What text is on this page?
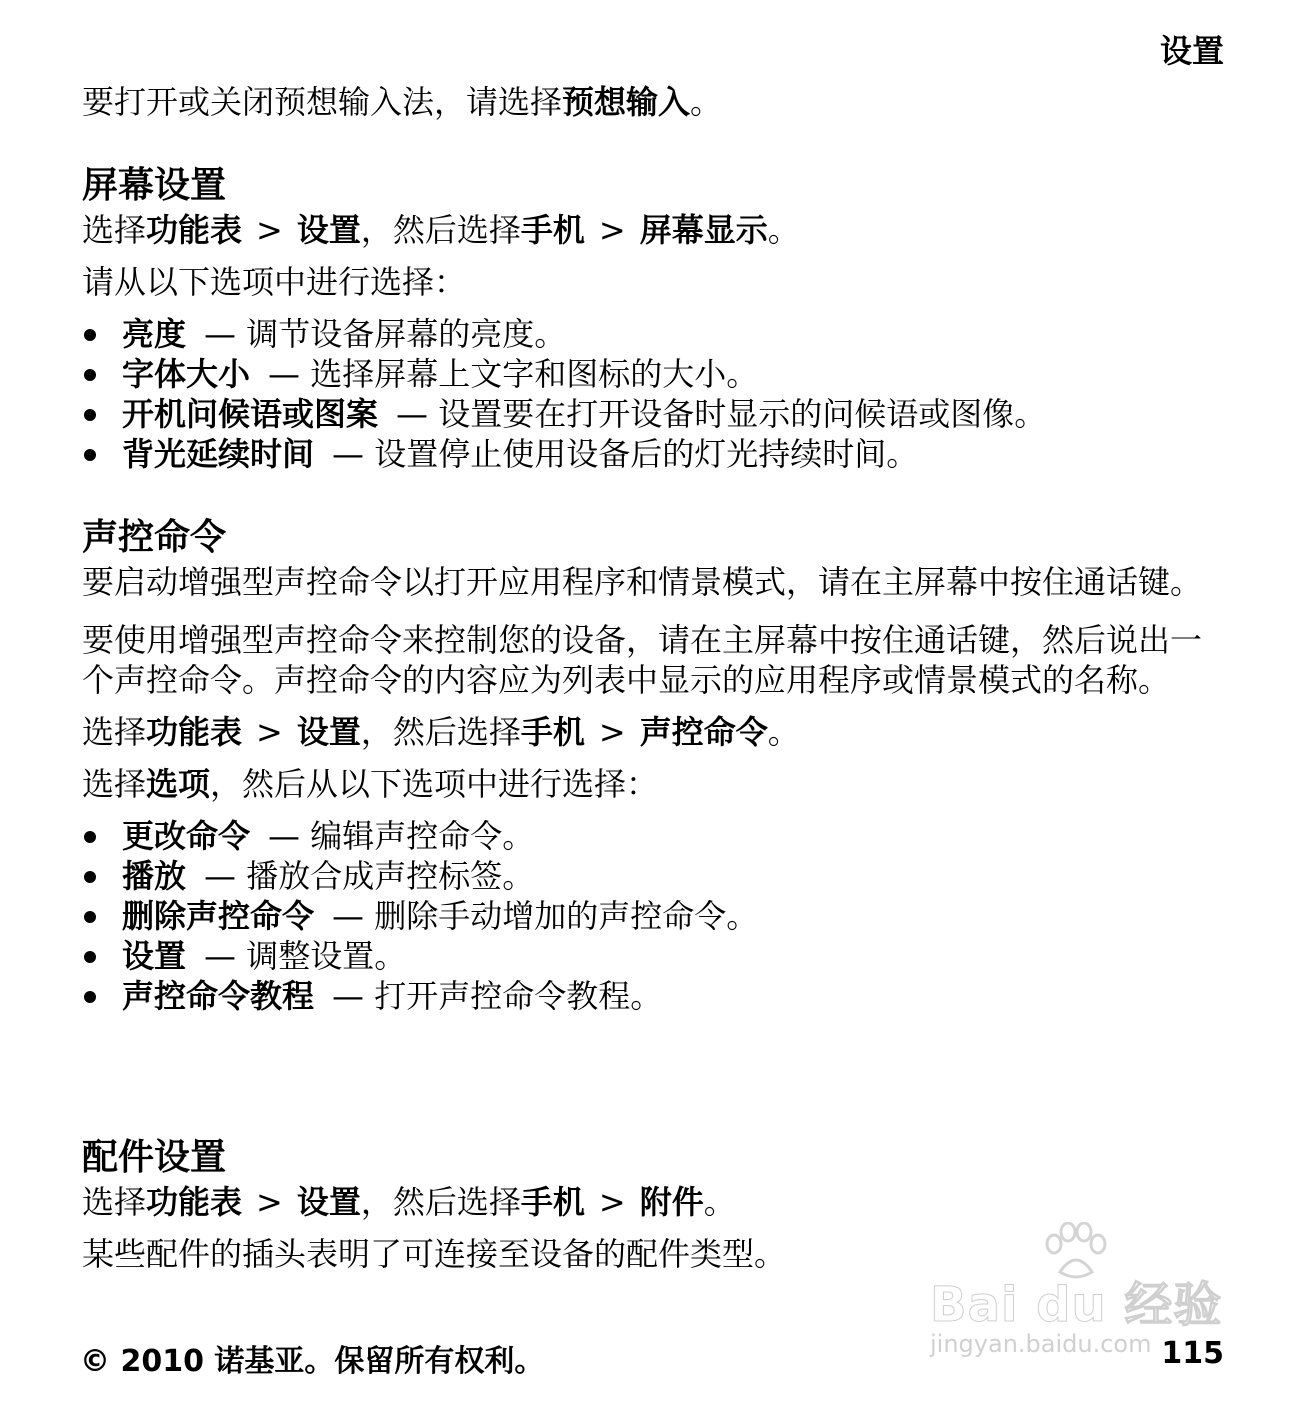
设置

要打开或关闭预想输入法，请选择预想输入。

屏幕设置

选择功能表 > 设置，然后选择手机 > 屏幕显示。

请从以下选项中进行选择：

亮度 — 调节设备屏幕的亮度。
字体大小 — 选择屏幕上文字和图标的大小。
开机问候语或图案 — 设置要在打开设备时显示的问候语或图像。
背光延续时间 — 设置停止使用设备后的灯光持续时间。
声控命令

要启动增强型声控命令以打开应用程序和情景模式，请在主屏幕中按住通话键。

要使用增强型声控命令来控制您的设备，请在主屏幕中按住通话键，然后说出一个声控命令。声控命令的内容应为列表中显示的应用程序或情景模式的名称。

选择功能表 > 设置，然后选择手机 > 声控命令。

选择选项，然后从以下选项中进行选择：

更改命令 — 编辑声控命令。
播放 — 播放合成声控标签。
删除声控命令 — 删除手动增加的声控命令。
设置 — 调整设置。
声控命令教程 — 打开声控命令教程。
配件设置

选择功能表 > 设置，然后选择手机 > 附件。

某些配件的插头表明了可连接至设备的配件类型。

Bai du 经验
jingyan.baidu.com
© 2010 诺基亚。保留所有权利。	115
